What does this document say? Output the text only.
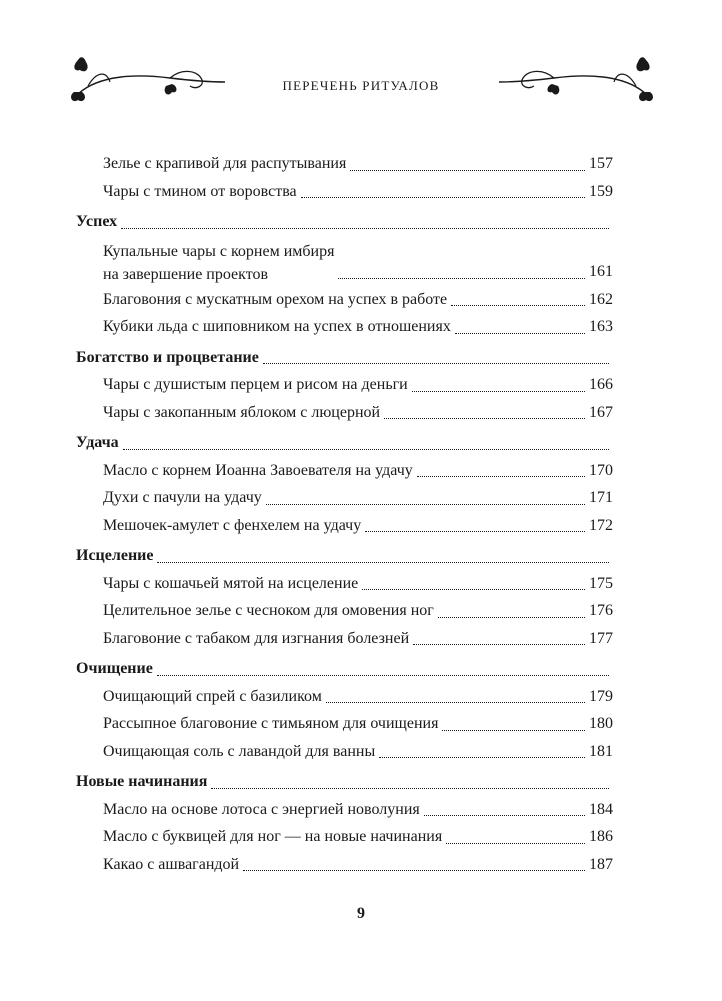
ПЕРЕЧЕНЬ РИТУАЛОВ
Зелье с крапивой для распутывания	157
Чары с тмином от воровства	159
Успех
Купальные чары с корнем имбиря
на завершение проектов	161
Благовония с мускатным орехом на успех в работе	162
Кубики льда с шиповником на успех в отношениях	163
Богатство и процветание
Чары с душистым перцем и рисом на деньги	166
Чары с закопанным яблоком с люцерной	167
Удача
Масло с корнем Иоанна Завоевателя на удачу	170
Духи с пачули на удачу	171
Мешочек-амулет с фенхелем на удачу	172
Исцеление
Чары с кошачьей мятой на исцеление	175
Целительное зелье с чесноком для омовения ног	176
Благовоние с табаком для изгнания болезней	177
Очищение
Очищающий спрей с базиликом	179
Рассыпное благовоние с тимьяном для очищения	180
Очищающая соль с лавандой для ванны	181
Новые начинания
Масло на основе лотоса с энергией новолуния	184
Масло с буквицей для ног — на новые начинания	186
Какао с ашвагандой	187
9
